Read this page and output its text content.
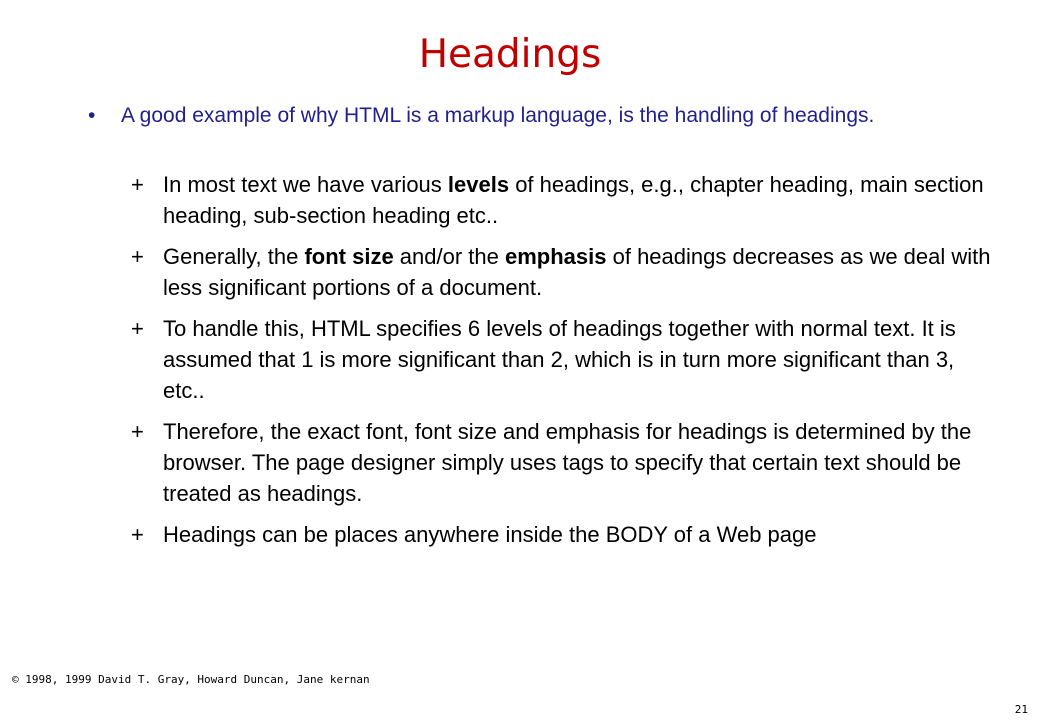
Headings
• A good example of why HTML is a markup language, is the handling of headings.
+ In most text we have various levels of headings, e.g., chapter heading, main section heading, sub-section heading etc..
+ Generally, the font size and/or the emphasis of headings decreases as we deal with less significant portions of a document.
+ To handle this, HTML specifies 6 levels of headings together with normal text. It is assumed that 1 is more significant than 2, which is in turn more significant than 3, etc..
+ Therefore, the exact font, font size and emphasis for headings is determined by the browser. The page designer simply uses tags to specify that certain text should be treated as headings.
+ Headings can be places anywhere inside the BODY of a Web page
© 1998, 1999 David T. Gray, Howard Duncan, Jane kernan
21
